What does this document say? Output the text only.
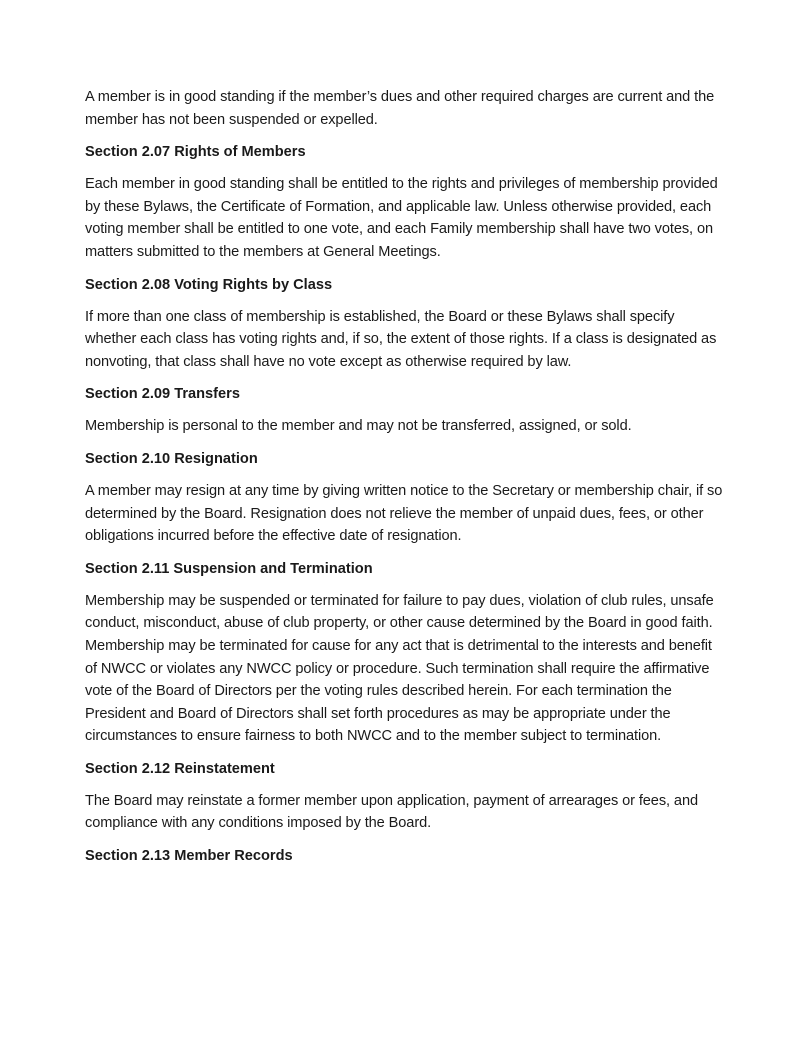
A member is in good standing if the member’s dues and other required charges are current and the member has not been suspended or expelled.

Section 2.07 Rights of Members

Each member in good standing shall be entitled to the rights and privileges of membership provided by these Bylaws, the Certificate of Formation, and applicable law. Unless otherwise provided, each voting member shall be entitled to one vote, and each Family membership shall have two votes, on matters submitted to the members at General Meetings.

Section 2.08 Voting Rights by Class

If more than one class of membership is established, the Board or these Bylaws shall specify whether each class has voting rights and, if so, the extent of those rights. If a class is designated as nonvoting, that class shall have no vote except as otherwise required by law.

Section 2.09 Transfers

Membership is personal to the member and may not be transferred, assigned, or sold.

Section 2.10 Resignation

A member may resign at any time by giving written notice to the Secretary or membership chair, if so determined by the Board. Resignation does not relieve the member of unpaid dues, fees, or other obligations incurred before the effective date of resignation.

Section 2.11 Suspension and Termination

Membership may be suspended or terminated for failure to pay dues, violation of club rules, unsafe conduct, misconduct, abuse of club property, or other cause determined by the Board in good faith. Membership may be terminated for cause for any act that is detrimental to the interests and benefit of NWCC or violates any NWCC policy or procedure. Such termination shall require the affirmative vote of the Board of Directors per the voting rules described herein. For each termination the President and Board of Directors shall set forth procedures as may be appropriate under the circumstances to ensure fairness to both NWCC and to the member subject to termination.

Section 2.12 Reinstatement

The Board may reinstate a former member upon application, payment of arrearages or fees, and compliance with any conditions imposed by the Board.

Section 2.13 Member Records
